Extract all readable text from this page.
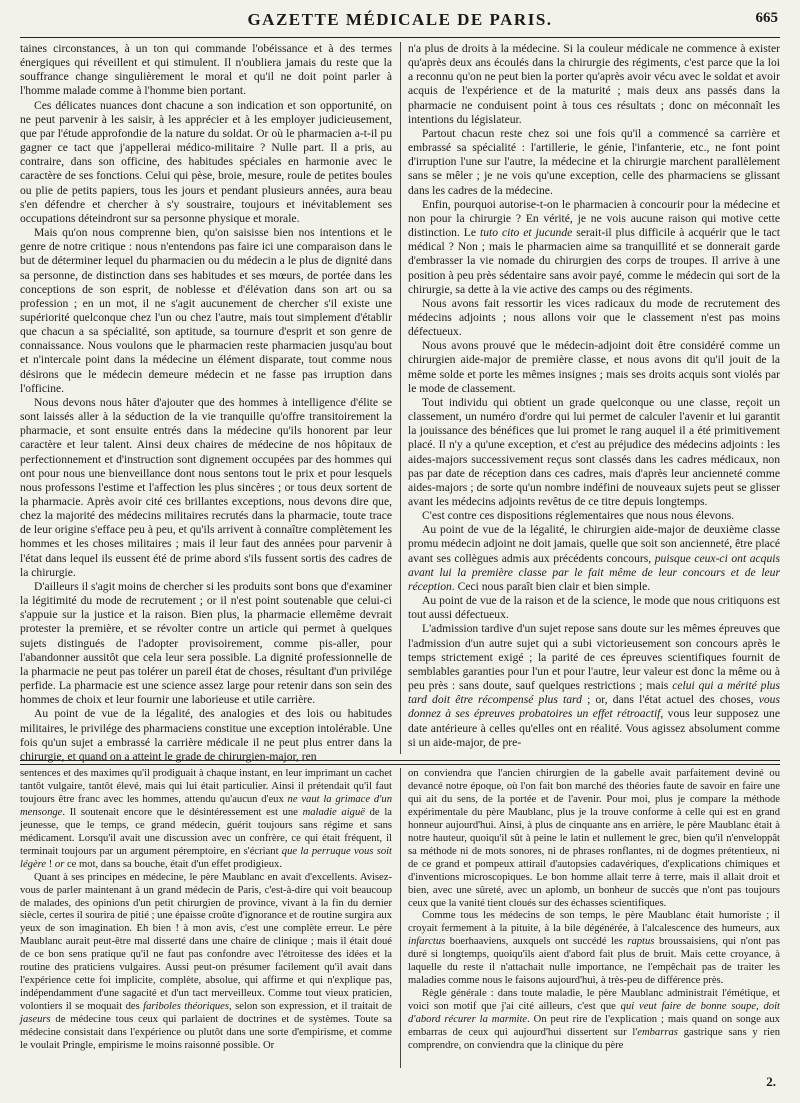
GAZETTE MÉDICALE DE PARIS.	665

taines circonstances, à un ton qui commande l'obéissance et à des termes énergiques qui réveillent et qui stimulent. Il n'oubliera jamais du reste que la souffrance change singulièrement le moral et qu'il ne doit point parler à l'homme malade comme à l'homme bien portant.

Ces délicates nuances dont chacune a son indication et son opportunité, on ne peut parvenir à les saisir, à les apprécier et à les employer judicieusement, que par l'étude approfondie de la nature du soldat. Or où le pharmacien a-t-il pu gagner ce tact que j'appellerai médico-militaire ? Nulle part. Il a pris, au contraire, dans son officine, des habitudes spéciales en harmonie avec le caractère de ses fonctions. Celui qui pèse, broie, mesure, roule de petites boules ou plie de petits papiers, tous les jours et pendant plusieurs années, aura beau s'en défendre et chercher à s'y soustraire, toujours et inévitablement ses occupations déteindront sur sa personne physique et morale.

Mais qu'on nous comprenne bien, qu'on saisisse bien nos intentions et le genre de notre critique : nous n'entendons pas faire ici une comparaison dans le but de déterminer lequel du pharmacien ou du médecin a le plus de dignité dans sa personne, de distinction dans ses habitudes et ses mœurs, de portée dans les conceptions de son esprit, de noblesse et d'élévation dans son art ou sa profession ; en un mot, il ne s'agit aucunement de chercher s'il existe une supériorité quelconque chez l'un ou chez l'autre, mais tout simplement d'établir que chacun a sa spécialité, son aptitude, sa tournure d'esprit et son genre de connaissance. Nous voulons que le pharmacien reste pharmacien jusqu'au bout et n'intercale point dans la médecine un élément disparate, tout comme nous désirons que le médecin demeure médecin et ne fasse pas irruption dans l'officine.

Nous devons nous hâter d'ajouter que des hommes à intelligence d'élite se sont laissés aller à la séduction de la vie tranquille qu'offre transitoirement la pharmacie, et sont ensuite entrés dans la médecine qu'ils honorent par leur caractère et leur talent. Ainsi deux chaires de médecine de nos hôpitaux de perfectionnement et d'instruction sont dignement occupées par des hommes qui ont pour nous une bienveillance dont nous sentons tout le prix et pour lesquels nous professons l'estime et l'affection les plus sincères ; or tous deux sortent de la pharmacie. Après avoir cité ces brillantes exceptions, nous devons dire que, chez la majorité des médecins militaires recrutés dans la pharmacie, toute trace de leur origine s'efface peu à peu, et qu'ils arrivent à connaître complètement les hommes et les choses militaires ; mais il leur faut des années pour parvenir à l'état dans lequel ils eussent été de prime abord s'ils fussent sortis des cadres de la chirurgie.

D'ailleurs il s'agit moins de chercher si les produits sont bons que d'examiner la légitimité du mode de recrutement ; or il n'est point soutenable que celui-ci s'appuie sur la justice et la raison. Bien plus, la pharmacie ellemême devrait protester la première, et se révolter contre un article qui permet à quelques sujets distingués de l'adopter provisoirement, comme pis-aller, pour l'abandonner aussitôt que cela leur sera possible. La dignité professionnelle de la pharmacie ne peut pas tolérer un pareil état de choses, résultant d'un privilége perfide. La pharmacie est une science assez large pour retenir dans son sein des hommes de choix et leur fournir une laborieuse et utile carrière.

Au point de vue de la légalité, des analogies et des lois ou habitudes militaires, le privilége des pharmaciens constitue une exception intolérable. Une fois qu'un sujet a embrassé la carrière médicale il ne peut plus entrer dans la chirurgie, et quand on a atteint le grade de chirurgien-major, ren

n'a plus de droits à la médecine. Si la couleur médicale ne commence à exister qu'après deux ans écoulés dans la chirurgie des régiments, c'est parce que la loi a reconnu qu'on ne peut bien la porter qu'après avoir vécu avec le soldat et avoir acquis de l'expérience et de la maturité ; mais deux ans passés dans la pharmacie ne conduisent point à tous ces résultats ; donc on méconnaît les intentions du législateur.

Partout chacun reste chez soi une fois qu'il a commencé sa carrière et embrassé sa spécialité : l'artillerie, le génie, l'infanterie, etc., ne font point d'irruption l'une sur l'autre, la médecine et la chirurgie marchent parallèlement sans se mêler ; je ne vois qu'une exception, celle des pharmaciens se glissant dans les cadres de la médecine.

Enfin, pourquoi autorise-t-on le pharmacien à concourir pour la médecine et non pour la chirurgie ? En vérité, je ne vois aucune raison qui motive cette distinction. Le tuto cito et jucunde serait-il plus difficile à acquérir que le tact médical ? Non ; mais le pharmacien aime sa tranquillité et se donnerait garde d'embrasser la vie nomade du chirurgien des corps de troupes. Il arrive à une position à peu près sédentaire sans avoir payé, comme le médecin qui sort de la chirurgie, sa dette à la vie active des camps ou des régiments.

Nous avons fait ressortir les vices radicaux du mode de recrutement des médecins adjoints ; nous allons voir que le classement n'est pas moins défectueux.

Nous avons prouvé que le médecin-adjoint doit être considéré comme un chirurgien aide-major de première classe, et nous avons dit qu'il jouit de la même solde et porte les mêmes insignes ; mais ses droits acquis sont violés par le mode de classement.

Tout individu qui obtient un grade quelconque ou une classe, reçoit un classement, un numéro d'ordre qui lui permet de calculer l'avenir et lui garantit la jouissance des bénéfices que lui promet le rang auquel il a été primitivement placé. Il n'y a qu'une exception, et c'est au préjudice des médecins adjoints : les aides-majors successivement reçus sont classés dans les cadres médicaux, non pas par date de réception dans ces cadres, mais d'après leur ancienneté comme aides-majors ; de sorte qu'un nombre indéfini de nouveaux sujets peut se glisser avant les médecins adjoints revêtus de ce titre depuis longtemps.

C'est contre ces dispositions réglementaires que nous nous élevons.

Au point de vue de la légalité, le chirurgien aide-major de deuxième classe promu médecin adjoint ne doit jamais, quelle que soit son ancienneté, être placé avant ses collègues admis aux précédents concours, puisque ceux-ci ont acquis avant lui la première classe par le fait même de leur concours et de leur réception. Ceci nous paraît bien clair et bien simple.

Au point de vue de la raison et de la science, le mode que nous critiquons est tout aussi défectueux.

L'admission tardive d'un sujet repose sans doute sur les mêmes épreuves que l'admission d'un autre sujet qui a subi victorieusement son concours après le temps strictement exigé ; la parité de ces épreuves scientifiques fournit de semblables garanties pour l'un et pour l'autre, leur valeur est donc la même ou à peu près : sans doute, sauf quelques restrictions ; mais celui qui a mérité plus tard doit être récompensé plus tard ; or, dans l'état actuel des choses, vous donnez à ses épreuves probatoires un effet rétroactif, vous leur supposez une date antérieure à celles qu'elles ont en réalité. Vous agissez absolument comme si un aide-major, de pre-

sentences et des maximes qu'il prodiguait à chaque instant, en leur imprimant un cachet tantôt vulgaire, tantôt élevé, mais qui lui était particulier. Ainsi il prétendait qu'il faut toujours être franc avec les hommes, attendu qu'aucun d'eux ne vaut la grimace d'un mensonge. Il soutenait encore que le désintéressement est une maladie aiguë de la jeunesse, que le temps, ce grand médecin, guérit toujours sans régime et sans médicament. Lorsqu'il avait une discussion avec un confrère, ce qui était fréquent, il terminait toujours par un argument péremptoire, en s'écriant que la perruque vous soit légère ! or ce mot, dans sa bouche, était d'un effet prodigieux.

Quant à ses principes en médecine, le père Maublanc en avait d'excellents. Avisez-vous de parler maintenant à un grand médecin de Paris, c'est-à-dire qui voit beaucoup de malades, des opinions d'un petit chirurgien de province, vivant à la fin du dernier siècle, certes il sourira de pitié ; une épaisse croûte d'ignorance et de routine surgira aux yeux de son imagination. Eh bien ! à mon avis, c'est une complète erreur. Le père Maublanc aurait peut-être mal disserté dans une chaire de clinique ; mais il était doué de ce bon sens pratique qu'il ne faut pas confondre avec l'étroitesse des idées et la routine des praticiens vulgaires. Aussi peut-on présumer facilement qu'il avait dans l'expérience cette foi implicite, complète, absolue, qui affirme et qui n'explique pas, indépendamment d'une sagacité et d'un tact merveilleux. Comme tout vieux praticien, volontiers il se moquait des fariboles théoriques, selon son expression, et il traitait de jaseurs de médecine tous ceux qui parlaient de doctrines et de systèmes. Toute sa médecine consistait dans l'expérience ou plutôt dans une sorte d'empirisme, et comme le voulait Pringle, empirisme le moins raisonné possible. Or

on conviendra que l'ancien chirurgien de la gabelle avait parfaitement deviné ou devancé notre époque, où l'on fait bon marché des théories faute de savoir en faire une qui ait du sens, de la portée et de l'avenir. Pour moi, plus je compare la méthode expérimentale du père Maublanc, plus je la trouve conforme à celle qui est en grand honneur aujourd'hui. Ainsi, à plus de cinquante ans en arrière, le père Maublanc était à notre hauteur, quoiqu'il sût à peine le latin et nullement le grec, bien qu'il n'enveloppât sa méthode ni de mots sonores, ni de phrases ronflantes, ni de dogmes prétentieux, ni de ce grand et pompeux attirail d'autopsies cadavériques, d'explications chimiques et d'inventions microscopiques. Le bon homme allait terre à terre, mais il allait droit et bien, avec une sûreté, avec un aplomb, un bonheur de succès que n'ont pas toujours ceux que la vanité tient cloués sur des échasses scientifiques.

Comme tous les médecins de son temps, le père Maublanc était humoriste ; il croyait fermement à la pituite, à la bile dégénérée, à l'alcalescence des humeurs, aux infarctus boerhaaviens, auxquels ont succédé les raptus broussaisiens, qui n'ont pas duré si longtemps, quoiqu'ils aient d'abord fait plus de bruit. Mais cette croyance, à laquelle du reste il n'attachait nulle importance, ne l'empêchait pas de traiter les maladies comme nous le faisons aujourd'hui, à très-peu de différence près.

Règle générale : dans toute maladie, le père Maublanc administrait l'émétique, et voici son motif que j'ai cité ailleurs, c'est que qui veut faire de bonne soupe, doit d'abord récurer la marmite. On peut rire de l'explication ; mais quand on songe aux embarras de ceux qui aujourd'hui dissertent sur l'embarras gastrique sans y rien comprendre, on conviendra que la clinique du père

2.
